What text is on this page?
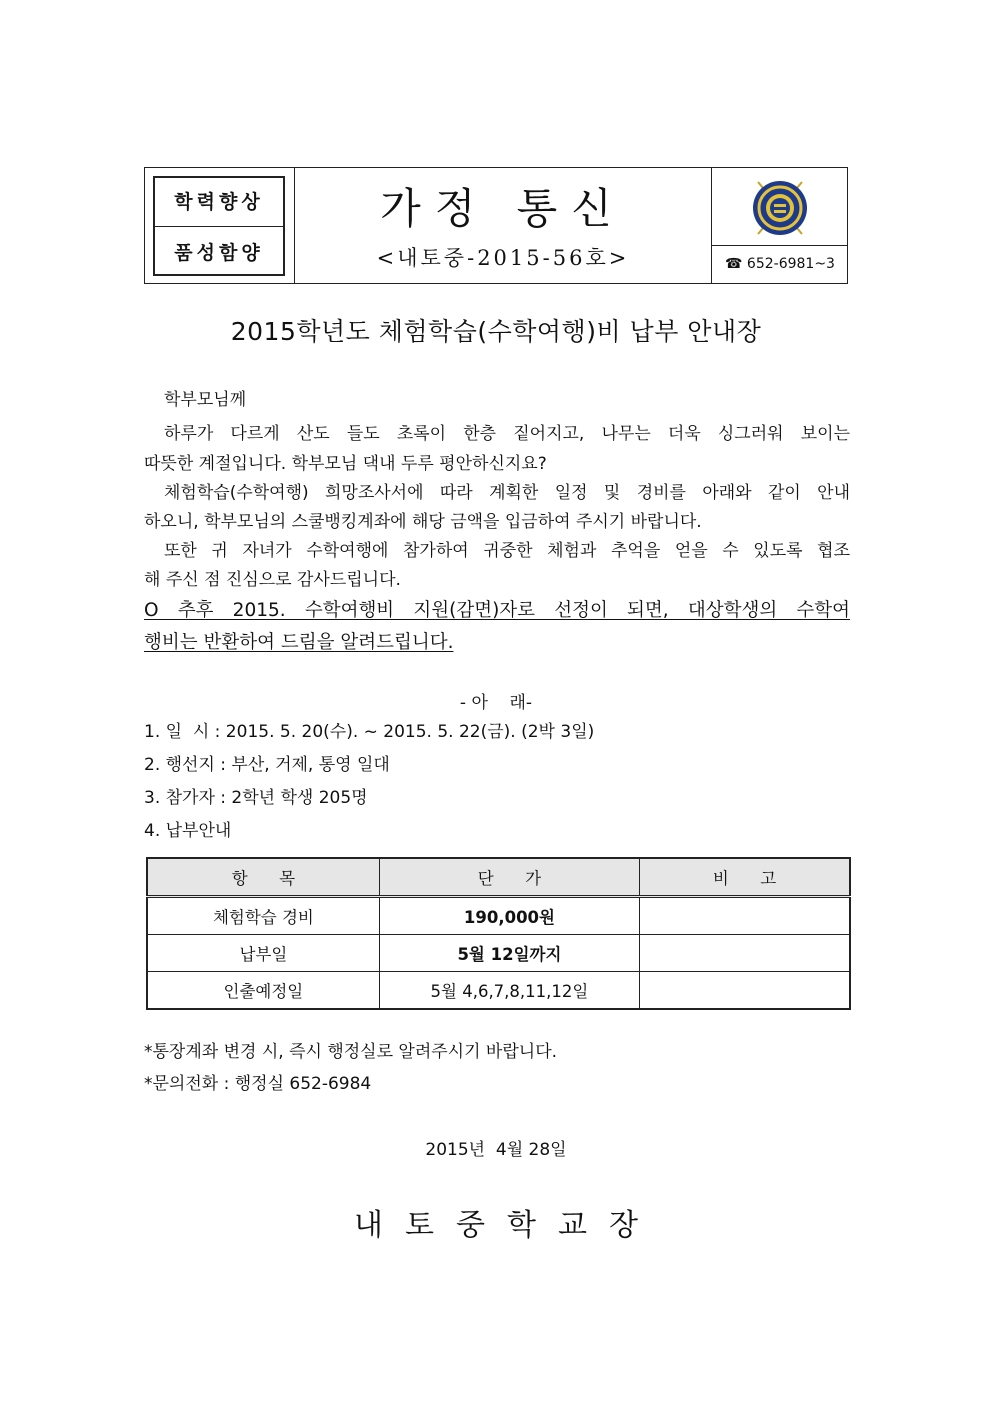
학력향상
품성함양
가정 통신
<내토중-2015-56호>	☎ 652-6981~3
2015학년도 체험학습(수학여행)비 납부 안내장
학부모님께
하루가 다르게 산도 들도 초록이 한층 짙어지고, 나무는 더욱 싱그러워 보이는
따뜻한 계절입니다. 학부모님 댁내 두루 평안하신지요?
체험학습(수학여행) 희망조사서에 따라 계획한 일정 및 경비를 아래와 같이 안내
하오니, 학부모님의 스쿨뱅킹계좌에 해당 금액을 입금하여 주시기 바랍니다.
또한 귀 자녀가 수학여행에 참가하여 귀중한 체험과 추억을 얻을 수 있도록 협조
해 주신 점 진심으로 감사드립니다.
O 추후 2015. 수학여행비 지원(감면)자로 선정이 되면, 대상학생의 수학여
행비는 반환하여 드림을 알려드립니다.
- 아    래-
1. 일  시 : 2015. 5. 20(수). ~ 2015. 5. 22(금). (2박 3일)
2. 행선지 : 부산, 거제, 통영 일대
3. 참가자 : 2학년 학생 205명
4. 납부안내
항      목	단      가	비      고
체험학습 경비	190,000원	
납부일	5월 12일까지	
인출예정일	5월 4,6,7,8,11,12일	
*통장계좌 변경 시, 즉시 행정실로 알려주시기 바랍니다.
*문의전화 : 행정실 652-6984
2015년  4월 28일
내토중학교장
